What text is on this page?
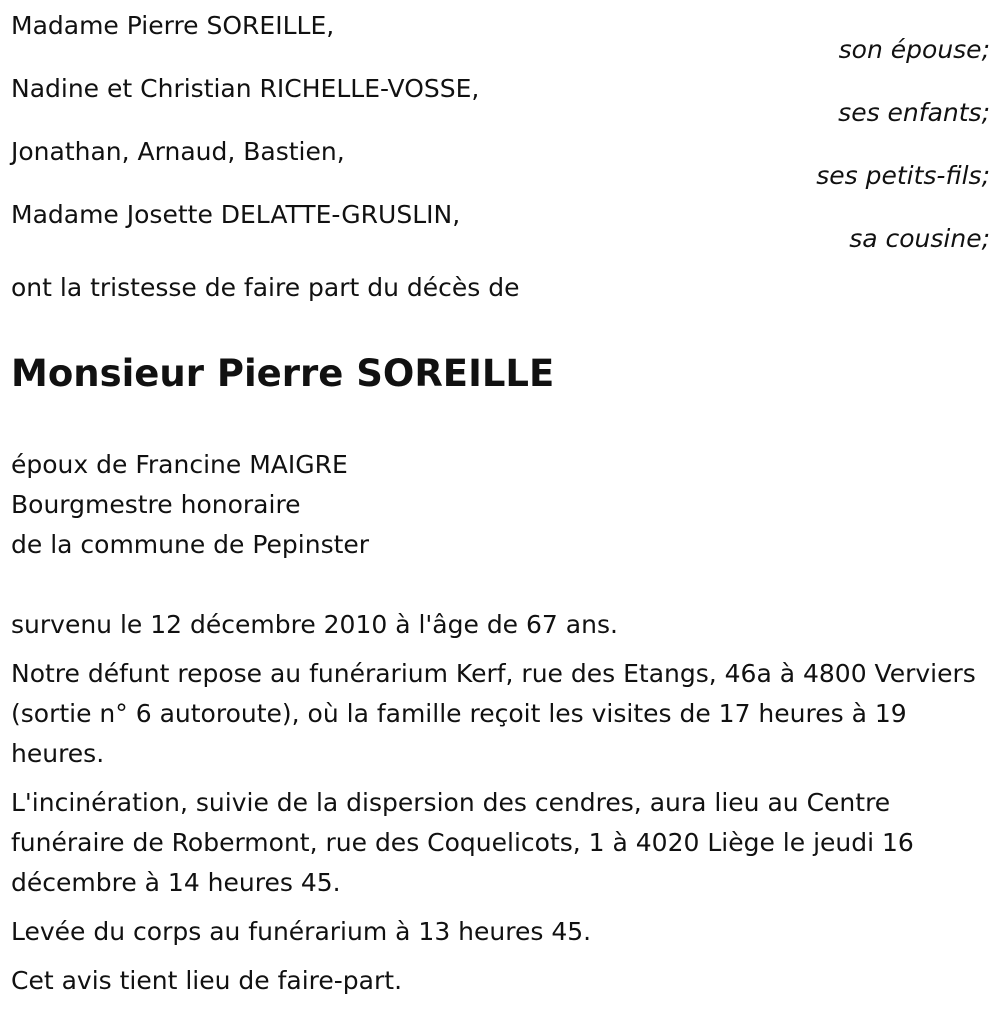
Madame Pierre SOREILLE,
son épouse;
Nadine et Christian RICHELLE-VOSSE,
ses enfants;
Jonathan, Arnaud, Bastien,
ses petits-fils;
Madame Josette DELATTE-GRUSLIN,
sa cousine;
ont la tristesse de faire part du décès de
Monsieur Pierre SOREILLE
époux de Francine MAIGRE
Bourgmestre honoraire
de la commune de Pepinster

survenu le 12 décembre 2010 à l'âge de 67 ans.

Notre défunt repose au funérarium Kerf, rue des Etangs, 46a à 4800 Verviers (sortie n° 6 autoroute), où la famille reçoit les visites de 17 heures à 19 heures.

L'incinération, suivie de la dispersion des cendres, aura lieu au Centre funéraire de Robermont, rue des Coquelicots, 1 à 4020 Liège le jeudi 16 décembre à 14 heures 45.

Levée du corps au funérarium à 13 heures 45.

Cet avis tient lieu de faire-part.
